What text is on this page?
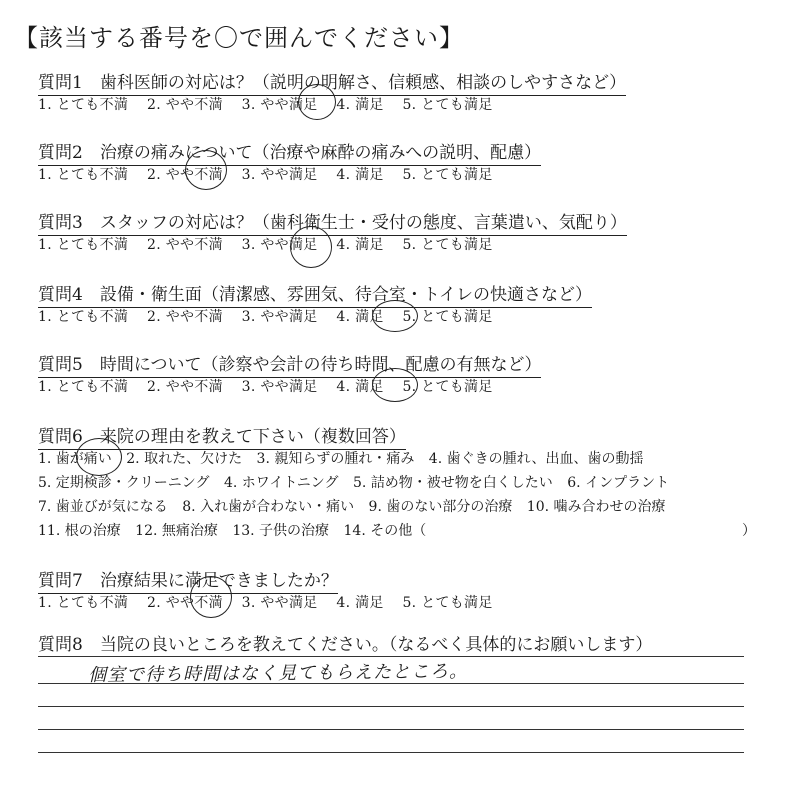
【該当する番号を〇で囲んでください】
質問1　歯科医師の対応は？（説明の明解さ、信頼感、相談のしやすさなど）
1. とても不満 2. やや不満 3. やや満足 4. 満足 5. とても満足
質問2　治療の痛みについて（治療や麻酔の痛みへの説明、配慮）
1. とても不満 2. やや不満 3. やや満足 4. 満足 5. とても満足
質問3　スタッフの対応は？（歯科衛生士・受付の態度、言葉遣い、気配り）
1. とても不満 2. やや不満 3. やや満足 4. 満足 5. とても満足
質問4　設備・衛生面（清潔感、雰囲気、待合室・トイレの快適さなど）
1. とても不満 2. やや不満 3. やや満足 4. 満足 5. とても満足
質問5　時間について（診察や会計の待ち時間、配慮の有無など）
1. とても不満 2. やや不満 3. やや満足 4. 満足 5. とても満足
質問6　来院の理由を教えて下さい（複数回答）
1. 歯が痛い 2. 取れた、欠けた 3. 親知らずの腫れ・痛み 4. 歯ぐきの腫れ、出血、歯の動揺
5. 定期検診・クリーニング 4. ホワイトニング 5. 詰め物・被せ物を白くしたい 6. インプラント
7. 歯並びが気になる 8. 入れ歯が合わない・痛い 9. 歯のない部分の治療 10. 噛み合わせの治療
11. 根の治療 12. 無痛治療 13. 子供の治療 14. その他（	）
質問7　治療結果に満足できましたか？
1. とても不満 2. やや不満 3. やや満足 4. 満足 5. とても満足
質問8　当院の良いところを教えてください。（なるべく具体的にお願いします）
個室で待ち時間はなく見てもらえたところ。
